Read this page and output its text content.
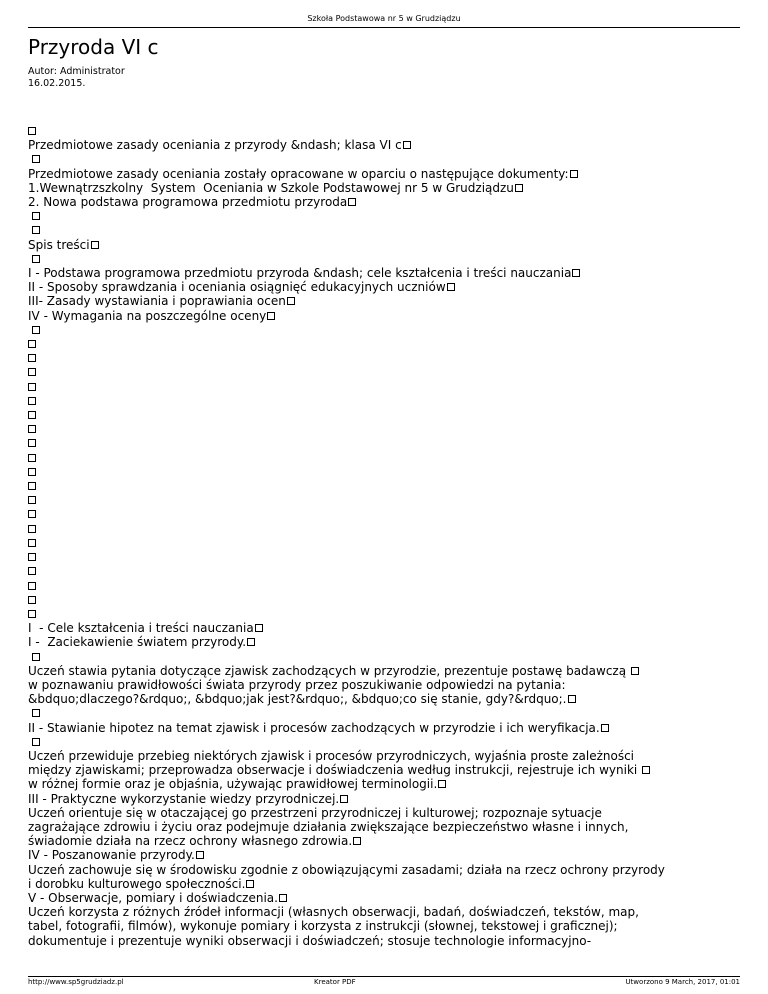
Szkoła Podstawowa nr 5 w Grudziądzu
Przyroda VI c
Autor: Administrator
16.02.2015.
Przedmiotowe zasady oceniania z przyrody &ndash; klasa VI c

Przedmiotowe zasady oceniania zostały opracowane w oparciu o następujące dokumenty:
1.Wewnątrzszkolny  System  Oceniania w Szkole Podstawowej nr 5 w Grudziądzu
2. Nowa podstawa programowa przedmiotu przyroda

Spis treści

I - Podstawa programowa przedmiotu przyroda &ndash; cele kształcenia i treści nauczania
II - Sposoby sprawdzania i oceniania osiągnięć edukacyjnych uczniów
III- Zasady wystawiania i poprawiania ocen
IV - Wymagania na poszczególne oceny

I  - Cele kształcenia i treści nauczania
I -  Zaciekawienie światem przyrody.

Uczeń stawia pytania dotyczące zjawisk zachodzących w przyrodzie, prezentuje postawę badawczą
w poznawaniu prawidłowości świata przyrody przez poszukiwanie odpowiedzi na pytania:
&bdquo;dlaczego?&rdquo;, &bdquo;jak jest?&rdquo;, &bdquo;co się stanie, gdy?&rdquo;.

II - Stawianie hipotez na temat zjawisk i procesów zachodzących w przyrodzie i ich weryfikacja.

Uczeń przewiduje przebieg niektórych zjawisk i procesów przyrodniczych, wyjaśnia proste zależności
między zjawiskami; przeprowadza obserwacje i doświadczenia według instrukcji, rejestruje ich wyniki
w różnej formie oraz je objaśnia, używając prawidłowej terminologii.
III - Praktyczne wykorzystanie wiedzy przyrodniczej.
Uczeń orientuje się w otaczającej go przestrzeni przyrodniczej i kulturowej; rozpoznaje sytuacje
zagrażające zdrowiu i życiu oraz podejmuje działania zwiększające bezpieczeństwo własne i innych,
świadomie działa na rzecz ochrony własnego zdrowia.
IV - Poszanowanie przyrody.
Uczeń zachowuje się w środowisku zgodnie z obowiązującymi zasadami; działa na rzecz ochrony przyrody
i dorobku kulturowego społeczności.
V - Obserwacje, pomiary i doświadczenia.
Uczeń korzysta z różnych źródeł informacji (własnych obserwacji, badań, doświadczeń, tekstów, map,
tabel, fotografii, filmów), wykonuje pomiary i korzysta z instrukcji (słownej, tekstowej i graficznej);
dokumentuje i prezentuje wyniki obserwacji i doświadczeń; stosuje technologie informacyjno-
http://www.sp5grudziadz.pl	Kreator PDF	Utworzono 9 March, 2017, 01:01
